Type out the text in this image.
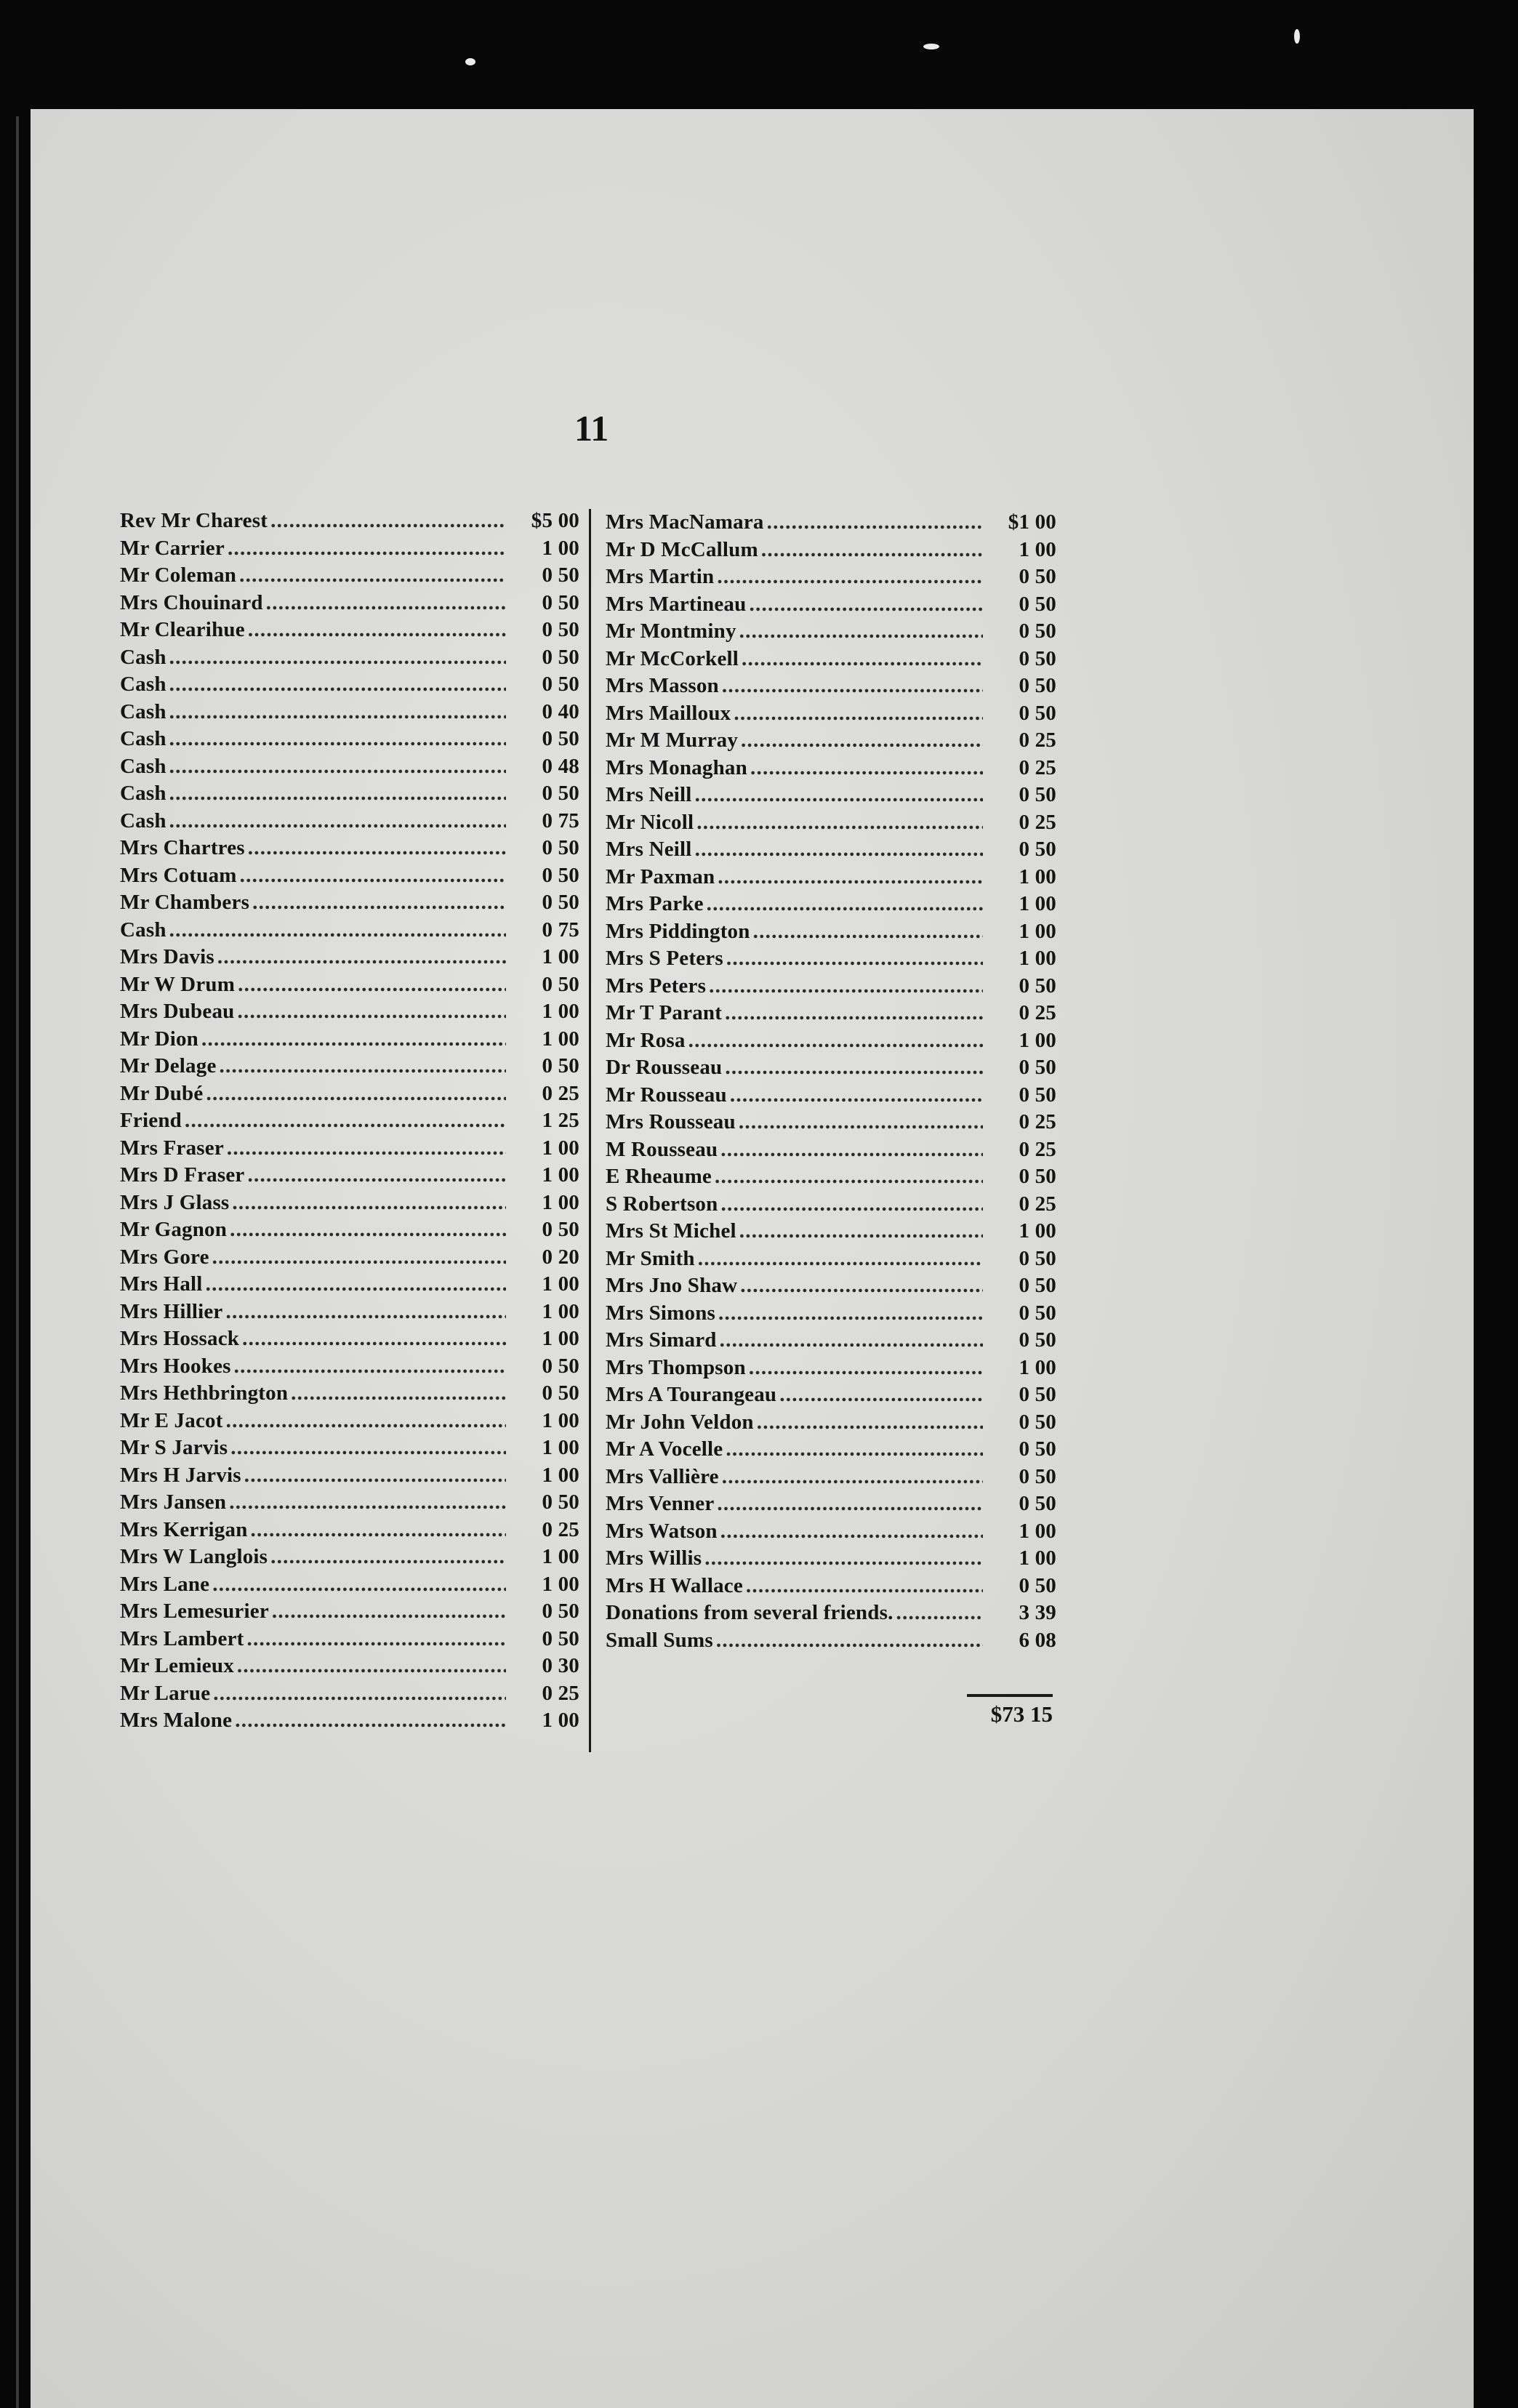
11
Rev Mr Charest . . .	$5 00
Mr Carrier . . .	1 00
Mr Coleman . . .	0 50
Mrs Chouinard . . .	0 50
Mr Clearihue . . .	0 50
Cash . . .	0 50
Cash . . .	0 50
Cash . . .	0 40
Cash . . .	0 50
Cash . . .	0 48
Cash . . .	0 50
Cash . . .	0 75
Mrs Chartres . . .	0 50
Mrs Cotuam . . .	0 50
Mr Chambers . . .	0 50
Cash . . .	0 75
Mrs Davis . . .	1 00
Mr W Drum . . .	0 50
Mrs Dubeau . . .	1 00
Mr Dion . . .	1 00
Mr Delage . . .	0 50
Mr Dubé . . .	0 25
Friend . . .	1 25
Mrs Fraser . . .	1 00
Mrs D Fraser . . .	1 00
Mrs J Glass . . .	1 00
Mr Gagnon . . .	0 50
Mrs Gore . . .	0 20
Mrs Hall . . .	1 00
Mrs Hillier . . .	1 00
Mrs Hossack . . .	1 00
Mrs Hookes . . .	0 50
Mrs Hethbrington . . .	0 50
Mr E Jacot . . .	1 00
Mr S Jarvis . . .	1 00
Mrs H Jarvis . . .	1 00
Mrs Jansen . . .	0 50
Mrs Kerrigan . . .	0 25
Mrs W Langlois . . .	1 00
Mrs Lane . . .	1 00
Mrs Lemesurier . . .	0 50
Mrs Lambert . . .	0 50
Mr Lemieux . . .	0 30
Mr Larue . . .	0 25
Mrs Malone . . .	1 00
Mrs MacNamara . . .	$1 00
Mr D McCallum . . .	1 00
Mrs Martin . . .	0 50
Mrs Martineau . . .	0 50
Mr Montminy . . .	0 50
Mr McCorkell . . .	0 50
Mrs Masson . . .	0 50
Mrs Mailloux . . .	0 50
Mr M Murray . . .	0 25
Mrs Monaghan . . .	0 25
Mrs Neill . . .	0 50
Mr Nicoll . . .	0 25
Mrs Neill . . .	0 50
Mr Paxman . . .	1 00
Mrs Parke . . .	1 00
Mrs Piddington . . .	1 00
Mrs S Peters . . .	1 00
Mrs Peters . . .	0 50
Mr T Parant . . .	0 25
Mr Rosa . . .	1 00
Dr Rousseau . . .	0 50
Mr Rousseau . . .	0 50
Mrs Rousseau . . .	0 25
M Rousseau . . .	0 25
E Rheaume . . .	0 50
S Robertson . . .	0 25
Mrs St Michel . . .	1 00
Mr Smith . . .	0 50
Mrs Jno Shaw . . .	0 50
Mrs Simons . . .	0 50
Mrs Simard . . .	0 50
Mrs Thompson . . .	1 00
Mrs A Tourangeau . . .	0 50
Mr John Veldon . . .	0 50
Mr A Vocelle . . .	0 50
Mrs Vallière . . .	0 50
Mrs Venner . . .	0 50
Mrs Watson . . .	1 00
Mrs Willis . . .	1 00
Mrs H Wallace . . .	0 50
Donations from several friends. . . .	3 39
Small Sums . . .	6 08
$73 15
